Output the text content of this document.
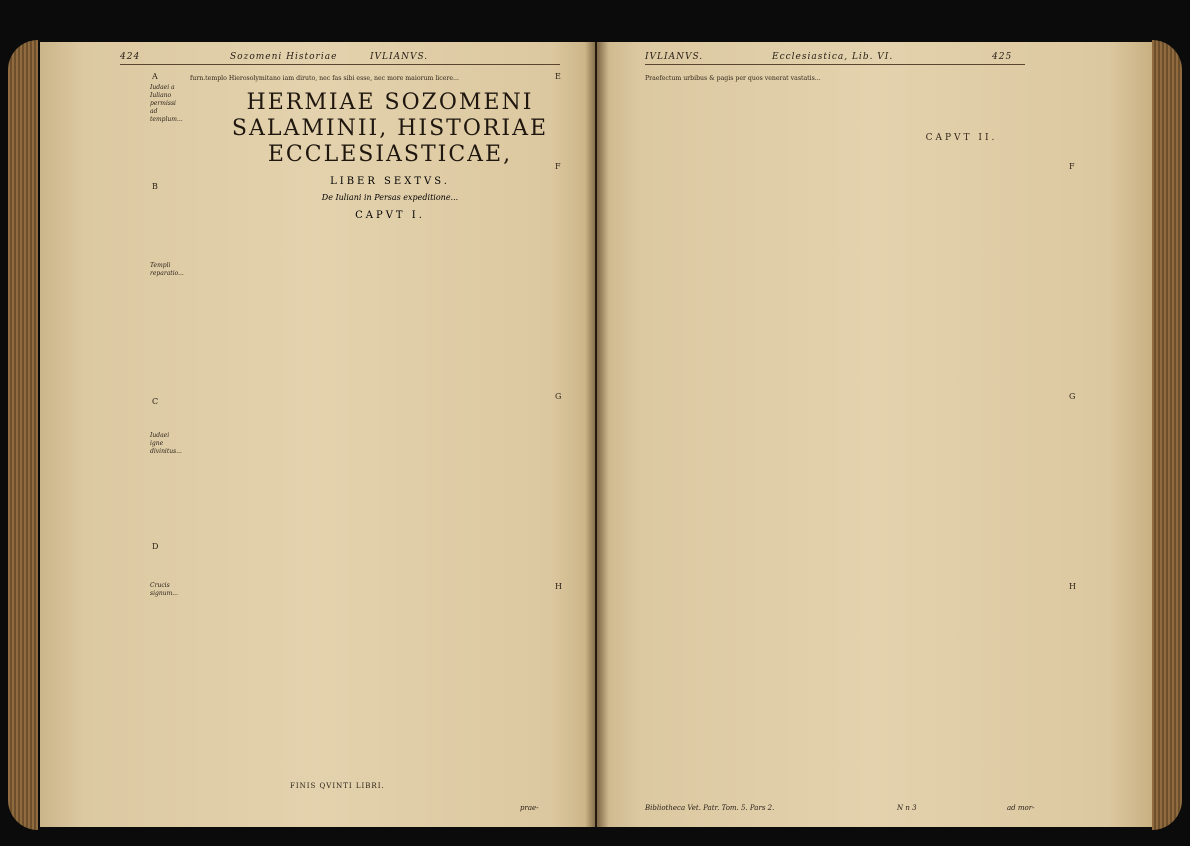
424	Sozomeni Historiae	IVLIANVS.
A
B
C
D
E
F
G
H
Iudaei a Iuliano permissi ad templum...
Templi reparatio...
Iudaei igne divinitus...
Crucis signum...

furn.templo Hierosolymitano iam diruto, nec fas sibi esse, nec more maiorum licere...

FINIS QVINTI LIBRI.
prae-
IVLIANVS.	Ecclesiastica, Lib. VI.	425
F
G
H

Praefectum urbibus & pagis per quos venerat vastatis...

CAPVT II.
Bibliotheca Vet. Patr. Tom. 5. Pars 2.	N n 3	ad mor-
HERMIAE SOZOMENI SALAMINII, HISTORIAE ECCLESIASTICAE,
LIBER SEXTVS.
De Iuliani in Persas expeditione...
CAPVT I.
